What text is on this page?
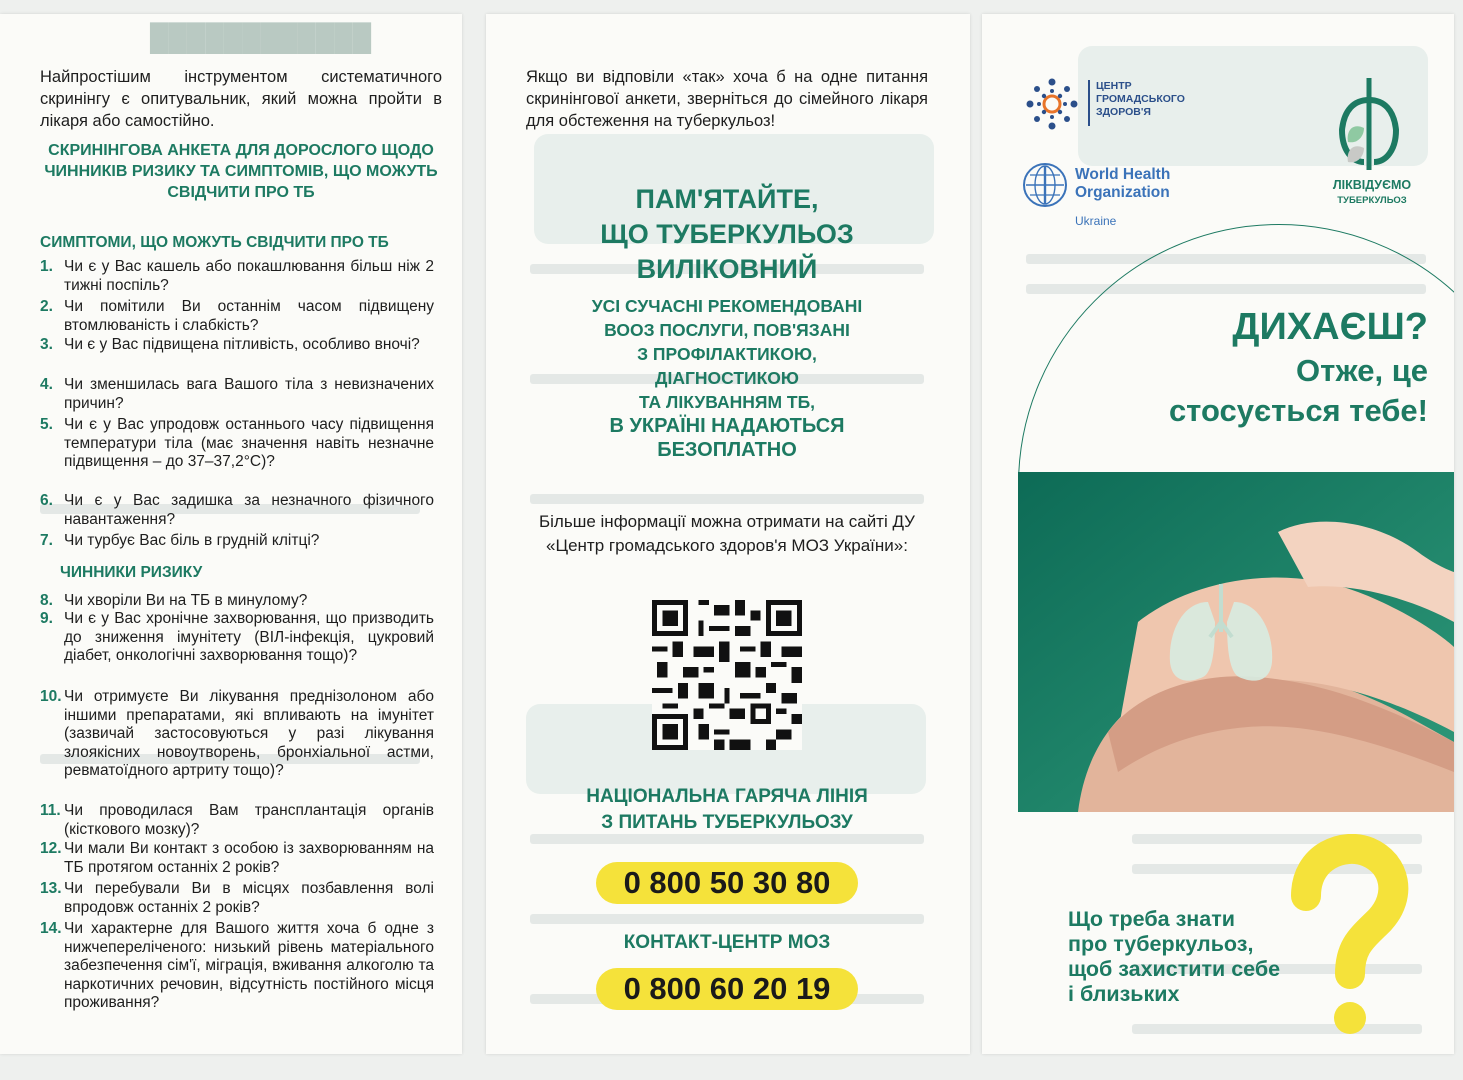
████████████
Найпростішим інструментом систематичного скринінгу є опитувальник, який можна пройти в лікаря або самостійно.
СКРИНІНГОВА АНКЕТА ДЛЯ ДОРОСЛОГО ЩОДО ЧИННИКІВ РИЗИКУ ТА СИМПТОМІВ, ЩО МОЖУТЬ СВІДЧИТИ ПРО ТБ
СИМПТОМИ, ЩО МОЖУТЬ СВІДЧИТИ ПРО ТБ
1. Чи є у Вас кашель або покашлювання більш ніж 2 тижні поспіль?
2. Чи помітили Ви останнім часом підвищену втомлюваність і слабкість?
3. Чи є у Вас підвищена пітливість, особливо вночі?
4. Чи зменшилась вага Вашого тіла з невизначених причин?
5. Чи є у Вас упродовж останнього часу підвищення температури тіла (має значення навіть незначне підвищення – до 37–37,2°С)?
6. Чи є у Вас задишка за незначного фізичного навантаження?
7. Чи турбує Вас біль в грудній клітці?
8. Чи хворіли Ви на ТБ в минулому?
9. Чи є у Вас хронічне захворювання, що призводить до зниження імунітету (ВІЛ-інфекція, цукровий діабет, онкологічні захворювання тощо)?
10. Чи отримуєте Ви лікування преднізолоном або іншими препаратами, які впливають на імунітет (зазвичай застосовуються у разі лікування злоякісних новоутворень, бронхіальної астми, ревматоїдного артриту тощо)?
11. Чи проводилася Вам трансплантація органів (кісткового мозку)?
12. Чи мали Ви контакт з особою із захворюванням на ТБ протягом останніх 2 років?
13. Чи перебували Ви в місцях позбавлення волі впродовж останніх 2 років?
14. Чи характерне для Вашого життя хоча б одне з нижчепереліченого: низький рівень матеріального забезпечення сім'ї, міграція, вживання алкоголю та наркотичних речовин, відсутність постійного місця проживання?
ЧИННИКИ РИЗИКУ
Якщо ви відповіли «так» хоча б на одне питання скринінгової анкети, зверніться до сімейного лікаря для обстеження на туберкульоз!
ПАМ'ЯТАЙТЕ,
ЩО ТУБЕРКУЛЬОЗ
ВИЛІКОВНИЙ
УСІ СУЧАСНІ РЕКОМЕНДОВАНІ
ВООЗ ПОСЛУГИ, ПОВ'ЯЗАНІ
З ПРОФІЛАКТИКОЮ,
ДІАГНОСТИКОЮ
ТА ЛІКУВАННЯМ ТБ,
В УКРАЇНІ НАДАЮТЬСЯ
БЕЗОПЛАТНО
Більше інформації можна отримати на сайті ДУ «Центр громадського здоров'я МОЗ України»:
НАЦІОНАЛЬНА ГАРЯЧА ЛІНІЯ
З ПИТАНЬ ТУБЕРКУЛЬОЗУ
0 800 50 30 80
КОНТАКТ-ЦЕНТР МОЗ
0 800 60 20 19
ЦЕНТР
ГРОМАДСЬКОГО
ЗДОРОВ'Я
World Health
Organization
Ukraine
ЛІКВІДУЄМО
ТУБЕРКУЛЬОЗ
ДИХАЄШ?
Отже, це
стосується тебе!
Що треба знати
про туберкульоз,
щоб захистити себе
і близьких
